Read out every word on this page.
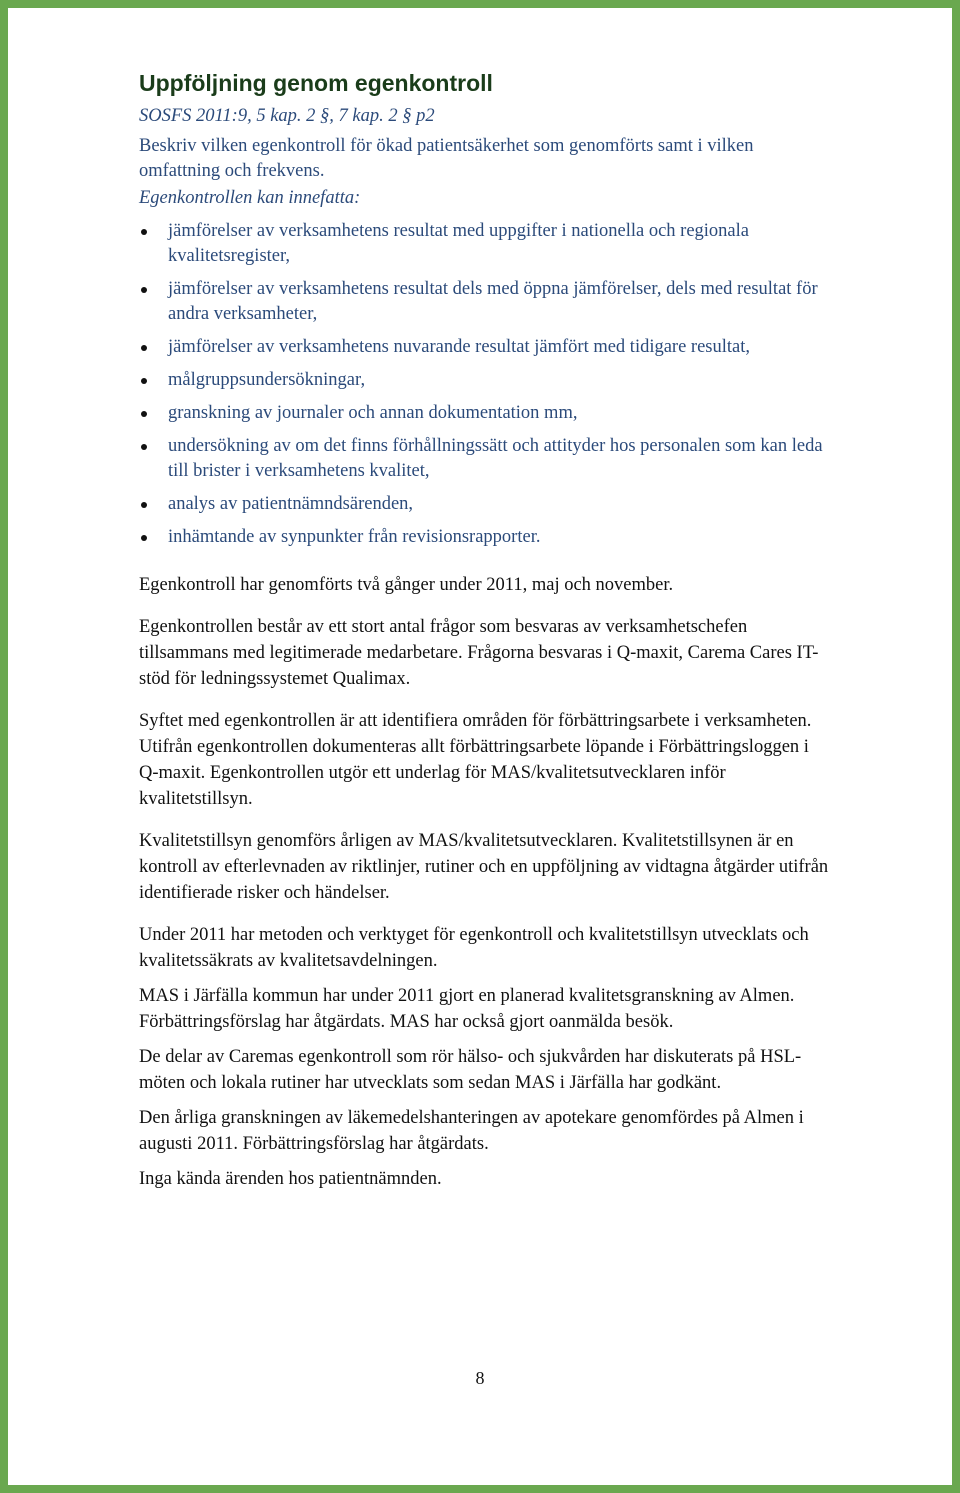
Uppföljning genom egenkontroll

SOSFS 2011:9, 5 kap. 2 §, 7 kap. 2 § p2

Beskriv vilken egenkontroll för ökad patientsäkerhet som genomförts samt i vilken omfattning och frekvens.

Egenkontrollen kan innefatta:

jämförelser av verksamhetens resultat med uppgifter i nationella och regionala kvalitetsregister,
jämförelser av verksamhetens resultat dels med öppna jämförelser, dels med resultat för andra verksamheter,
jämförelser av verksamhetens nuvarande resultat jämfört med tidigare resultat,
målgruppsundersökningar,
granskning av journaler och annan dokumentation mm,
undersökning av om det finns förhållningssätt och attityder hos personalen som kan leda till brister i verksamhetens kvalitet,
analys av patientnämndsärenden,
inhämtande av synpunkter från revisionsrapporter.

Egenkontroll har genomförts två gånger under 2011, maj och november.

Egenkontrollen består av ett stort antal frågor som besvaras av verksamhetschefen tillsammans med legitimerade medarbetare. Frågorna besvaras i Q-maxit, Carema Cares IT-stöd för ledningssystemet Qualimax.

Syftet med egenkontrollen är att identifiera områden för förbättringsarbete i verksamheten. Utifrån egenkontrollen dokumenteras allt förbättringsarbete löpande i Förbättringsloggen i Q-maxit. Egenkontrollen utgör ett underlag för MAS/kvalitetsutvecklaren inför kvalitetstillsyn.

Kvalitetstillsyn genomförs årligen av MAS/kvalitetsutvecklaren. Kvalitetstillsynen är en kontroll av efterlevnaden av riktlinjer, rutiner och en uppföljning av vidtagna åtgärder utifrån identifierade risker och händelser.

Under 2011 har metoden och verktyget för egenkontroll och kvalitetstillsyn utvecklats och kvalitetssäkrats av kvalitetsavdelningen.

MAS i Järfälla kommun har under 2011 gjort en planerad kvalitetsgranskning av Almen. Förbättringsförslag har åtgärdats. MAS har också gjort oanmälda besök.

De delar av Caremas egenkontroll som rör hälso- och sjukvården har diskuterats på HSL-möten och lokala rutiner har utvecklats som sedan MAS i Järfälla har godkänt.

Den årliga granskningen av läkemedelshanteringen av apotekare genomfördes på Almen i augusti 2011. Förbättringsförslag har åtgärdats.

Inga kända ärenden hos patientnämnden.

8
